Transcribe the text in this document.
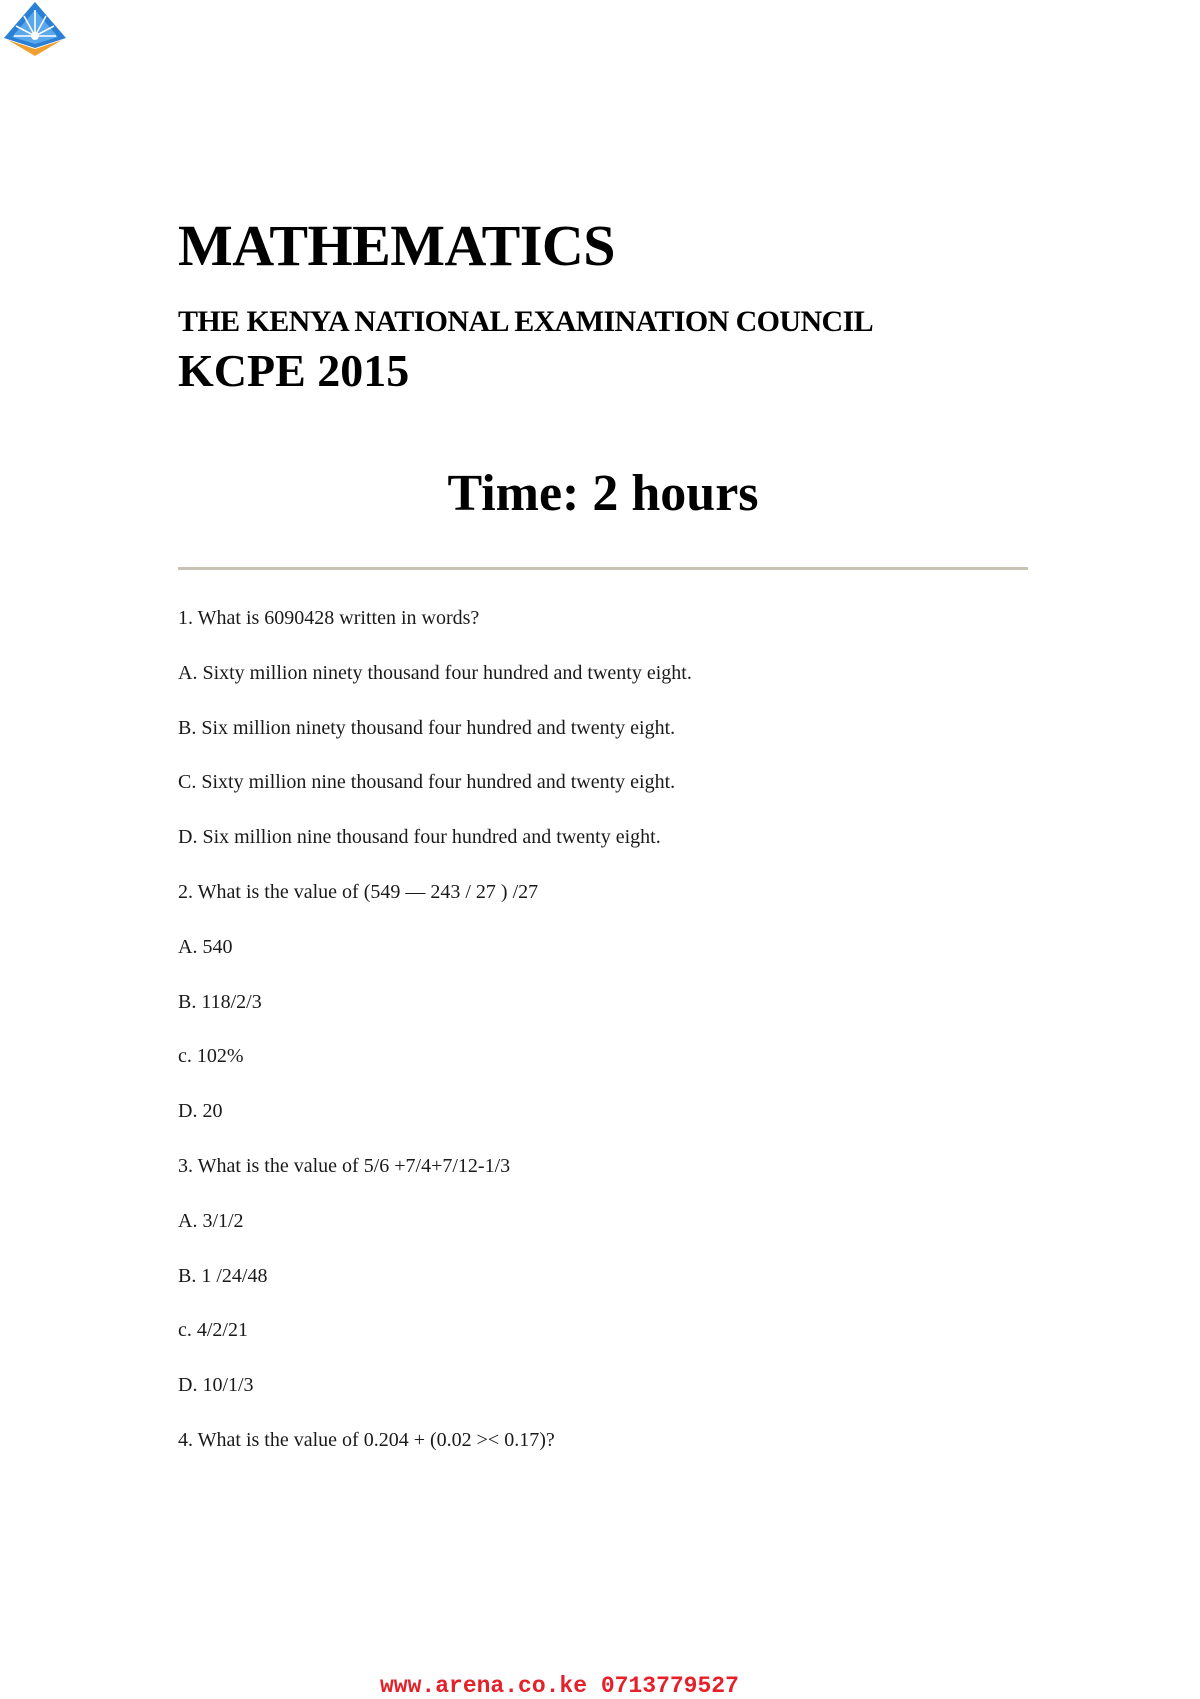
MATHEMATICS
THE KENYA NATIONAL EXAMINATION COUNCIL
KCPE 2015
Time: 2 hours
1. What is 6090428 written in words?
A. Sixty million ninety thousand four hundred and twenty eight.
B. Six million ninety thousand four hundred and twenty eight.
C. Sixty million nine thousand four hundred and twenty eight.
D. Six million nine thousand four hundred and twenty eight.
2. What is the value of (549 — 243 / 27 ) /27
A. 540
B. 118/2/3
c. 102%
D. 20
3. What is the value of 5/6 +7/4+7/12-1/3
A. 3/1/2
B. 1 /24/48
c. 4/2/21
D. 10/1/3
4. What is the value of 0.204 + (0.02 >< 0.17)?
www.arena.co.ke 0713779527
